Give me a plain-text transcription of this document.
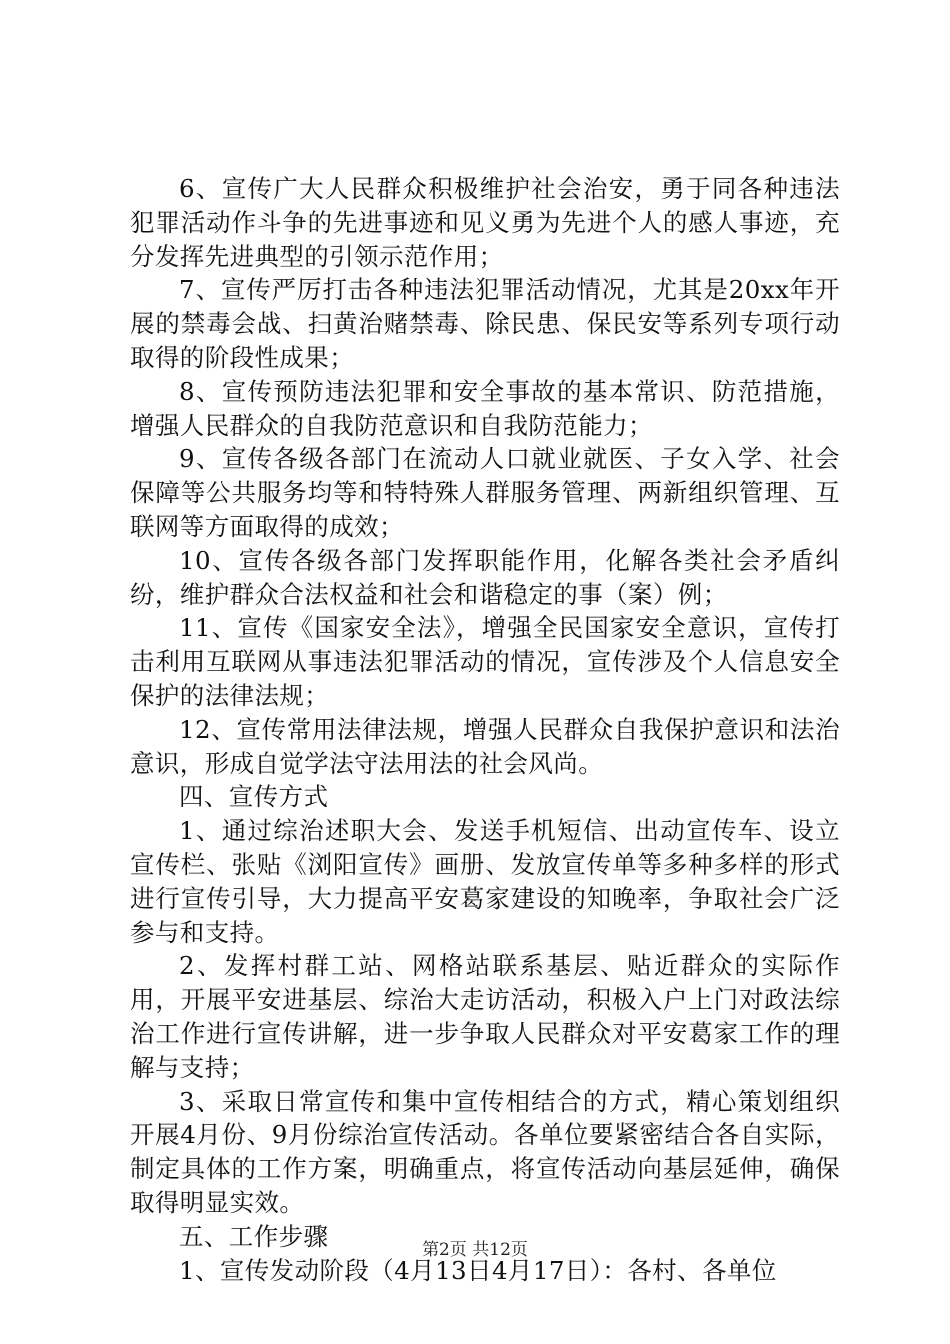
6、宣传广大人民群众积极维护社会治安，勇于同各种违法犯罪活动作斗争的先进事迹和见义勇为先进个人的感人事迹，充分发挥先进典型的引领示范作用；

7、宣传严厉打击各种违法犯罪活动情况，尤其是20xx年开展的禁毒会战、扫黄治赌禁毒、除民患、保民安等系列专项行动取得的阶段性成果；

8、宣传预防违法犯罪和安全事故的基本常识、防范措施，增强人民群众的自我防范意识和自我防范能力；

9、宣传各级各部门在流动人口就业就医、子女入学、社会保障等公共服务均等和特特殊人群服务管理、两新组织管理、互联网等方面取得的成效；

10、宣传各级各部门发挥职能作用，化解各类社会矛盾纠纷，维护群众合法权益和社会和谐稳定的事（案）例；

11、宣传《国家安全法》，增强全民国家安全意识，宣传打击利用互联网从事违法犯罪活动的情况，宣传涉及个人信息安全保护的法律法规；

12、宣传常用法律法规，增强人民群众自我保护意识和法治意识，形成自觉学法守法用法的社会风尚。

四、宣传方式

1、通过综治述职大会、发送手机短信、出动宣传车、设立宣传栏、张贴《浏阳宣传》画册、发放宣传单等多种多样的形式进行宣传引导，大力提高平安葛家建设的知晚率，争取社会广泛参与和支持。

2、发挥村群工站、网格站联系基层、贴近群众的实际作用，开展平安进基层、综治大走访活动，积极入户上门对政法综治工作进行宣传讲解，进一步争取人民群众对平安葛家工作的理解与支持；

3、采取日常宣传和集中宣传相结合的方式，精心策划组织开展4月份、9月份综治宣传活动。各单位要紧密结合各自实际，制定具体的工作方案，明确重点，将宣传活动向基层延伸，确保取得明显实效。

五、工作步骤

1、宣传发动阶段（4月13日4月17日）：各村、各单位

第2页 共12页
